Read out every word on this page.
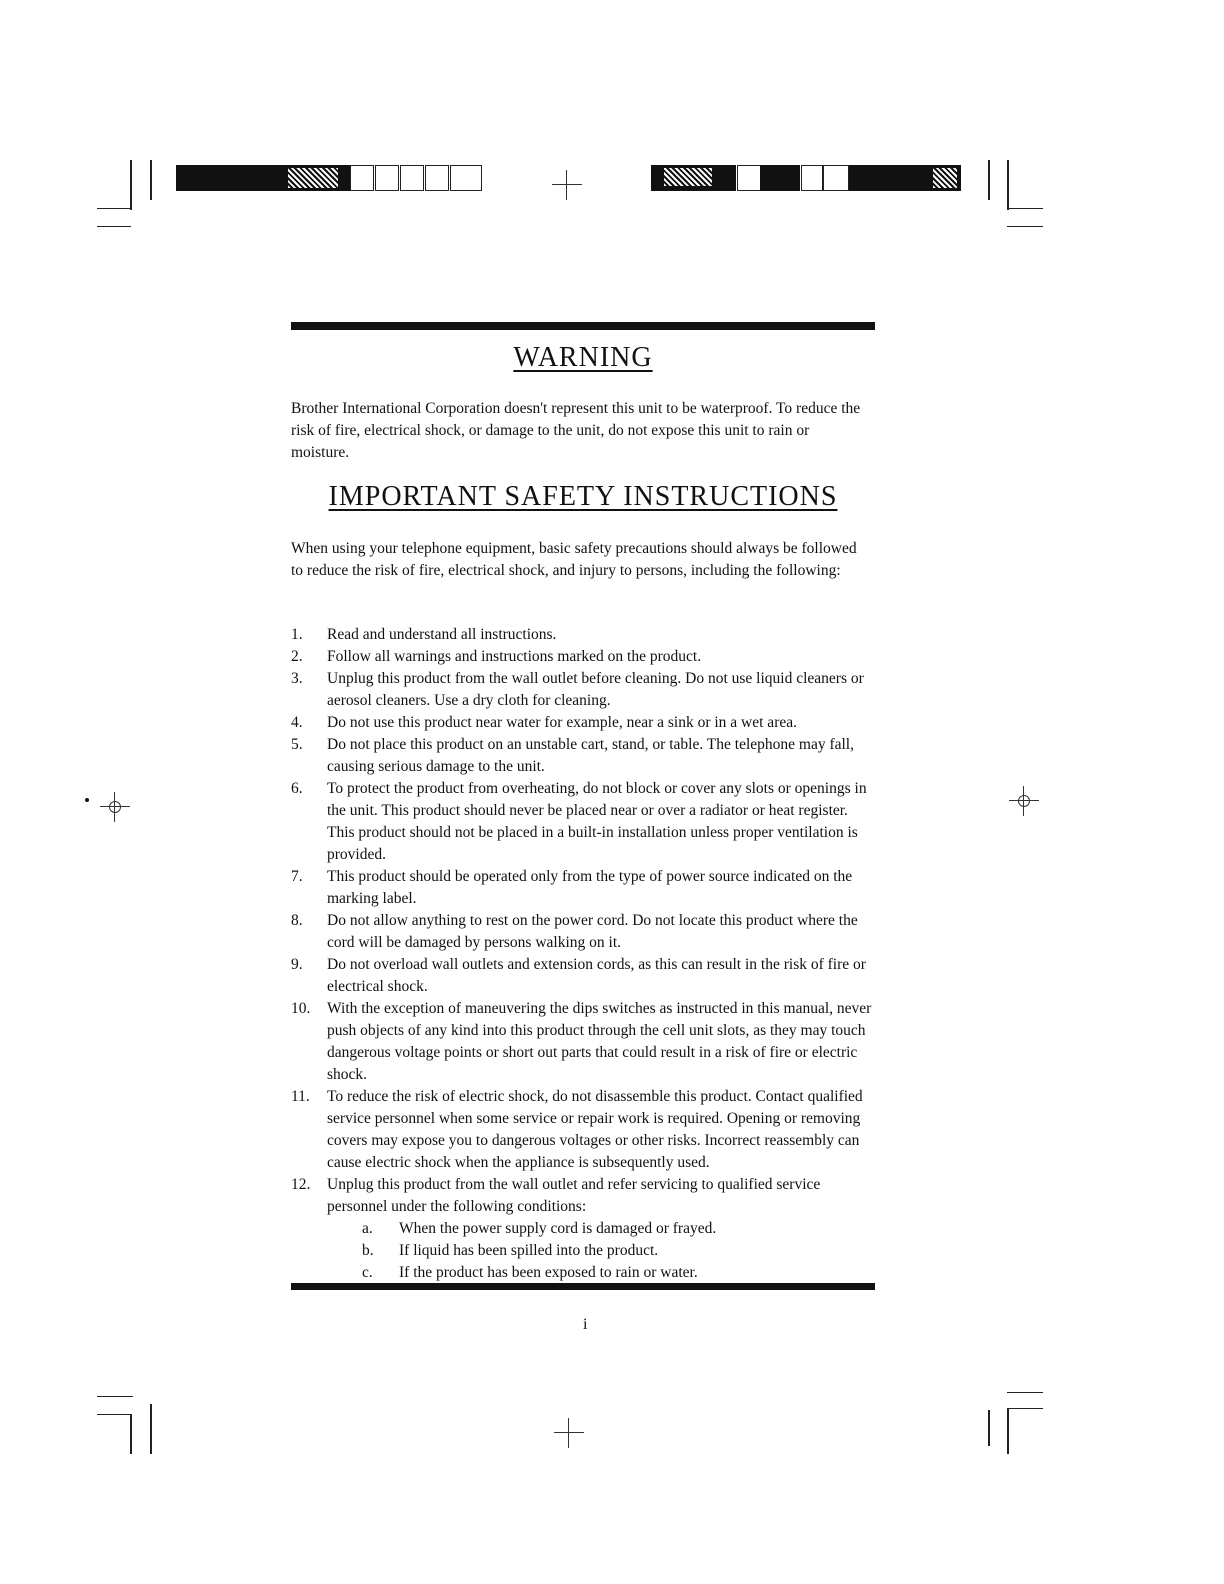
WARNING
Brother International Corporation doesn't represent this unit to be waterproof. To reduce the risk of fire, electrical shock, or damage to the unit, do not expose this unit to rain or moisture.
IMPORTANT SAFETY INSTRUCTIONS
When using your telephone equipment, basic safety precautions should always be followed to reduce the risk of fire, electrical shock, and injury to persons, including the following:
1. Read and understand all instructions.
2. Follow all warnings and instructions marked on the product.
3. Unplug this product from the wall outlet before cleaning. Do not use liquid cleaners or aerosol cleaners. Use a dry cloth for cleaning.
4. Do not use this product near water for example, near a sink or in a wet area.
5. Do not place this product on an unstable cart, stand, or table. The telephone may fall, causing serious damage to the unit.
6. To protect the product from overheating, do not block or cover any slots or openings in the unit. This product should never be placed near or over a radiator or heat register. This product should not be placed in a built-in installation unless proper ventilation is provided.
7. This product should be operated only from the type of power source indicated on the marking label.
8. Do not allow anything to rest on the power cord. Do not locate this product where the cord will be damaged by persons walking on it.
9. Do not overload wall outlets and extension cords, as this can result in the risk of fire or electrical shock.
10. With the exception of maneuvering the dips switches as instructed in this manual, never push objects of any kind into this product through the cell unit slots, as they may touch dangerous voltage points or short out parts that could result in a risk of fire or electric shock.
11. To reduce the risk of electric shock, do not disassemble this product. Contact qualified service personnel when some service or repair work is required. Opening or removing covers may expose you to dangerous voltages or other risks. Incorrect reassembly can cause electric shock when the appliance is subsequently used.
12. Unplug this product from the wall outlet and refer servicing to qualified service personnel under the following conditions:
a. When the power supply cord is damaged or frayed.
b. If liquid has been spilled into the product.
c. If the product has been exposed to rain or water.
i
